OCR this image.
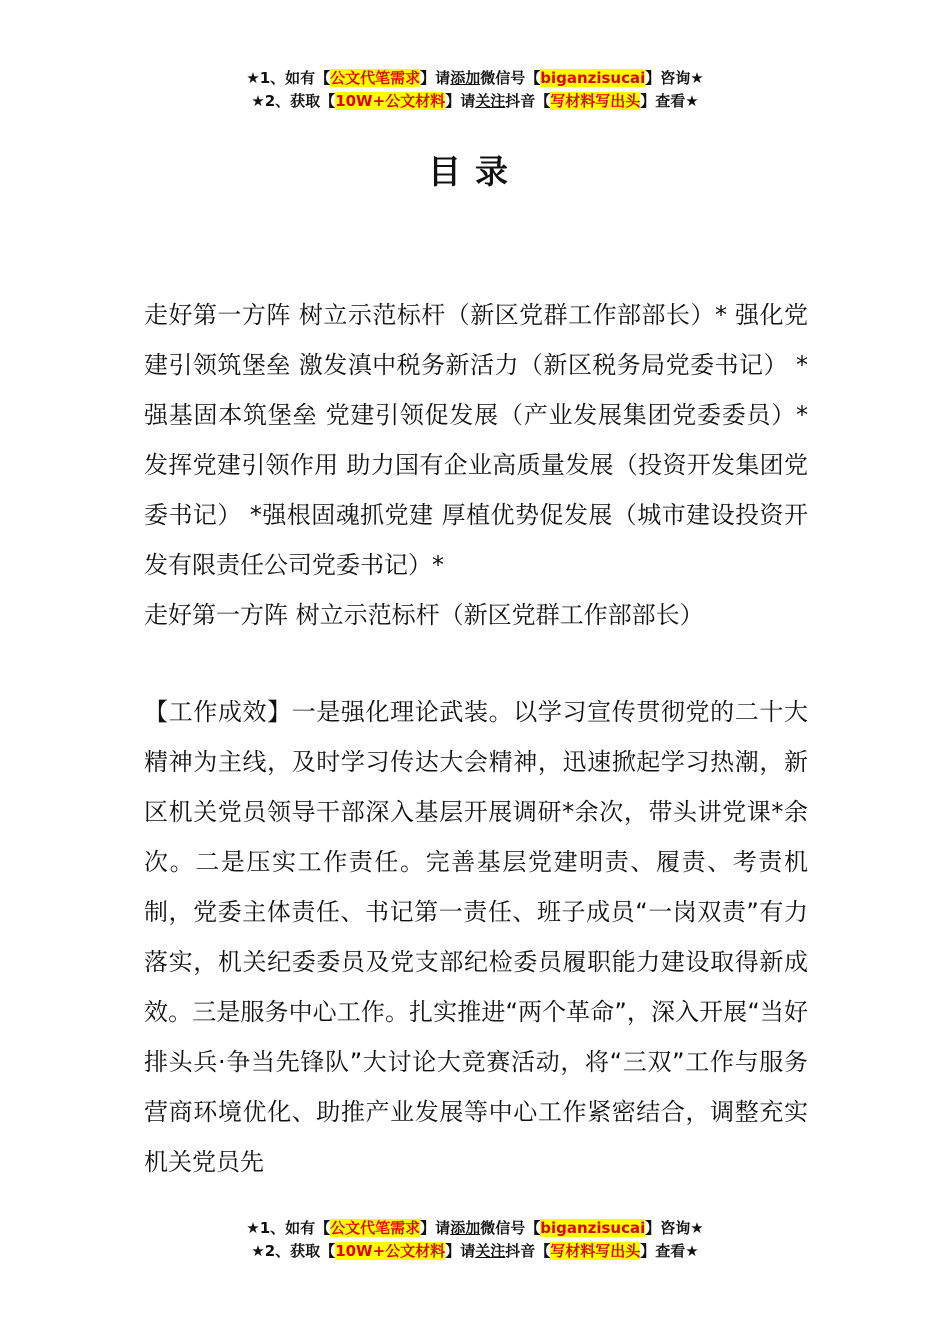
★1、如有【公文代笔需求】请添加微信号【biganzisucai】咨询★
★2、获取【10W+公文材料】请关注抖音【写材料写出头】查看★
目录

走好第一方阵 树立示范标杆（新区党群工作部部长）* 强化党建引领筑堡垒 激发滇中税务新活力（新区税务局党委书记） *强基固本筑堡垒 党建引领促发展（产业发展集团党委委员）*发挥党建引领作用 助力国有企业高质量发展（投资开发集团党委书记） *强根固魂抓党建 厚植优势促发展（城市建设投资开发有限责任公司党委书记）*

走好第一方阵 树立示范标杆（新区党群工作部部长）

【工作成效】一是强化理论武装。以学习宣传贯彻党的二十大精神为主线，及时学习传达大会精神，迅速掀起学习热潮，新区机关党员领导干部深入基层开展调研*余次，带头讲党课*余次。二是压实工作责任。完善基层党建明责、履责、考责机制，党委主体责任、书记第一责任、班子成员“一岗双责”有力落实，机关纪委委员及党支部纪检委员履职能力建设取得新成效。三是服务中心工作。扎实推进“两个革命”，深入开展“当好排头兵·争当先锋队”大讨论大竞赛活动，将“三双”工作与服务营商环境优化、助推产业发展等中心工作紧密结合，调整充实机关党员先

★1、如有【公文代笔需求】请添加微信号【biganzisucai】咨询★
★2、获取【10W+公文材料】请关注抖音【写材料写出头】查看★
